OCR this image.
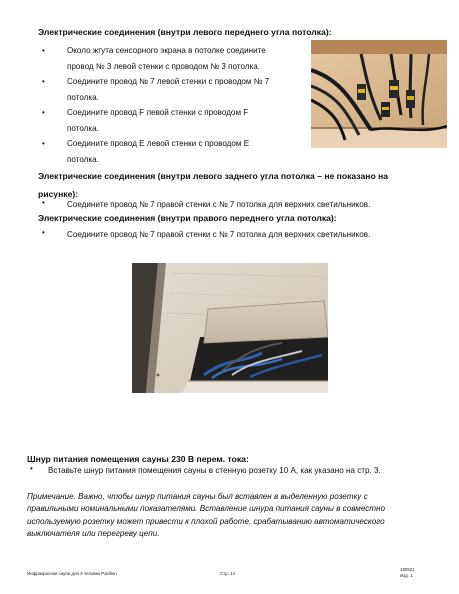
Электрические соединения (внутри левого переднего угла потолка):
•	Около жгута сенсорного экрана в потолке соедините
провод № 3 левой стенки с проводом № 3 потолка.
•	Соедините провод № 7 левой стенки с проводом № 7
потолка.
•	Соедините провод F левой стенки с проводом F
потолка.
•	Соедините провод E левой стенки с проводом E
потолка.
Электрические соединения (внутри левого заднего угла потолка – не показано на
рисунке):
•	Соедините провод № 7 правой стенки с № 7 потолка для верхних светильников.
Электрические соединения (внутри правого переднего угла потолка):
•	Соедините провод № 7 правой стенки с № 7 потолка для верхних светильников.
Шнур питания помещения сауны 230 В перем. тока:
• Вставьте шнур питания помещения сауны в стенную розетку 10 A, как указано на стр. 3.
Примечание. Важно, чтобы шнур питания сауны был вставлен в выделенную розетку с
правильными номинальными показателями. Вставление шнура питания сауны в совместно
используемую розетку может привести к плохой работе, срабатыванию автоматического
выключателя или перегреву цепи.
Инфракрасная сауна для 3 человек Pavilion	Стр. 14
180521
Изд. 1
